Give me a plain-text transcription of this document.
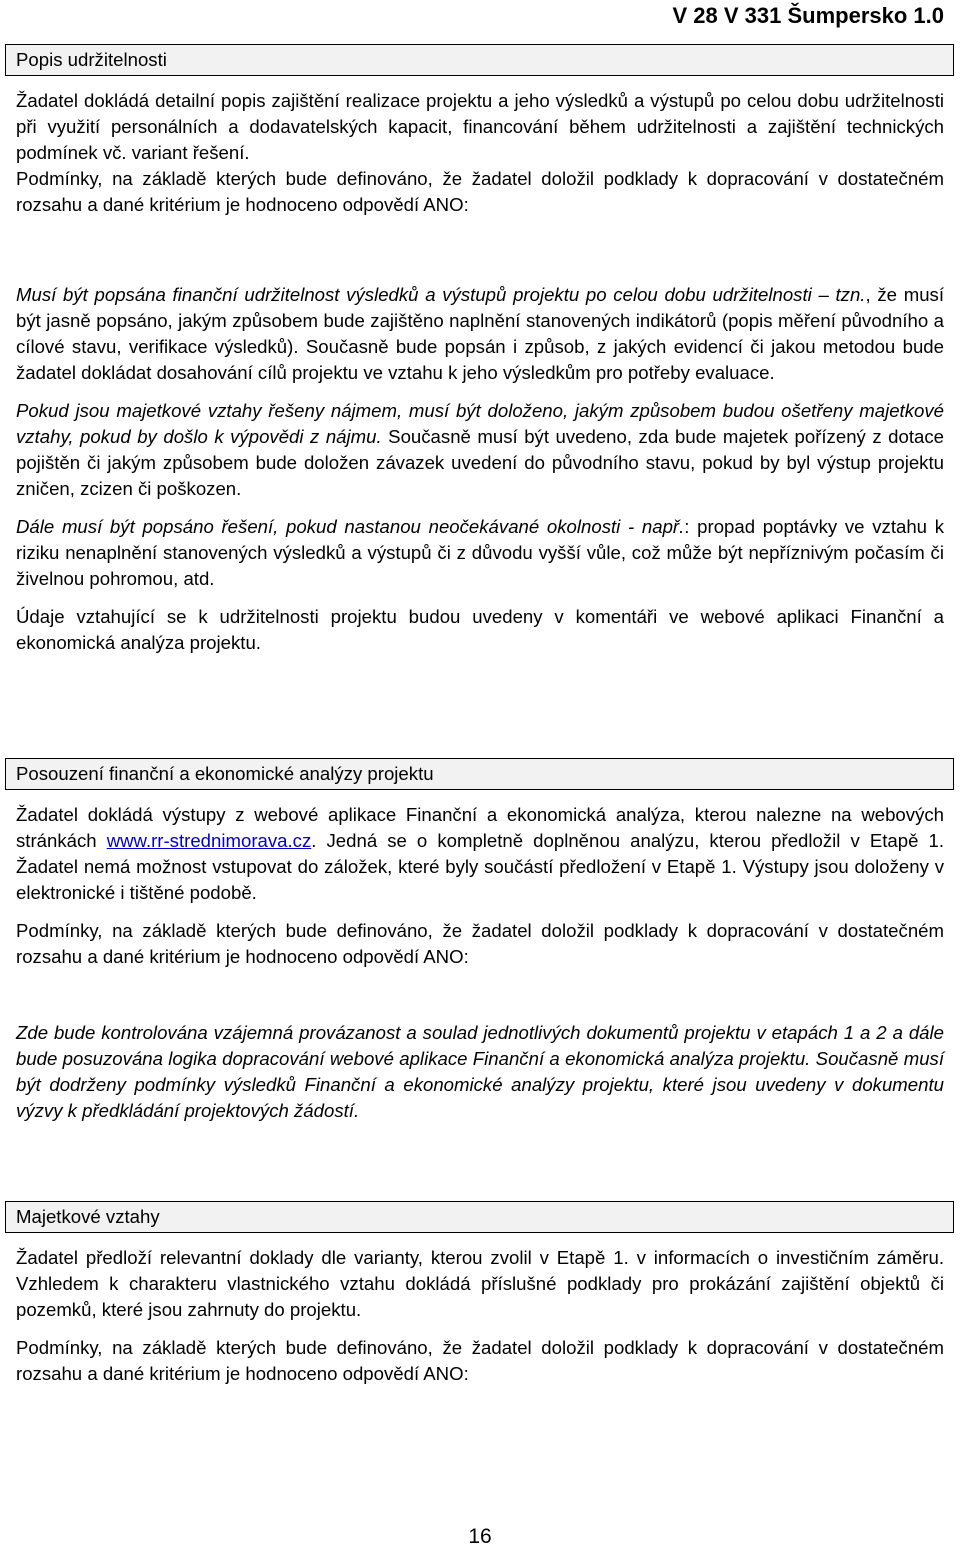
V 28 V 331 Šumpersko 1.0
Popis udržitelnosti

Žadatel dokládá detailní popis zajištění realizace projektu a jeho výsledků a výstupů po celou dobu udržitelnosti při využití personálních a dodavatelských kapacit, financování během udržitelnosti a zajištění technických podmínek vč. variant řešení.

Podmínky, na základě kterých bude definováno, že žadatel doložil podklady k dopracování v dostatečném rozsahu a dané kritérium je hodnoceno odpovědí ANO:

Musí být popsána finanční udržitelnost výsledků a výstupů projektu po celou dobu udržitelnosti – tzn., že musí být jasně popsáno, jakým způsobem bude zajištěno naplnění stanovených indikátorů (popis měření původního a cílové stavu, verifikace výsledků). Současně bude popsán i způsob, z jakých evidencí či jakou metodou bude žadatel dokládat dosahování cílů projektu ve vztahu k jeho výsledkům pro potřeby evaluace.

Pokud jsou majetkové vztahy řešeny nájmem, musí být doloženo, jakým způsobem budou ošetřeny majetkové vztahy, pokud by došlo k výpovědi z nájmu. Současně musí být uvedeno, zda bude majetek pořízený z dotace pojištěn či jakým způsobem bude doložen závazek uvedení do původního stavu, pokud by byl výstup projektu zničen, zcizen či poškozen.

Dále musí být popsáno řešení, pokud nastanou neočekávané okolnosti - např.: propad poptávky ve vztahu k riziku nenaplnění stanovených výsledků a výstupů či z důvodu vyšší vůle, což může být nepříznivým počasím či živelnou pohromou, atd.

Údaje vztahující se k udržitelnosti projektu budou uvedeny v komentáři ve webové aplikaci Finanční a ekonomická analýza projektu.

Posouzení finanční a ekonomické analýzy projektu

Žadatel dokládá výstupy z webové aplikace Finanční a ekonomická analýza, kterou nalezne na webových stránkách www.rr-strednimorava.cz. Jedná se o kompletně doplněnou analýzu, kterou předložil v Etapě 1. Žadatel nemá možnost vstupovat do záložek, které byly součástí předložení v Etapě 1. Výstupy jsou doloženy v elektronické i tištěné podobě.

Podmínky, na základě kterých bude definováno, že žadatel doložil podklady k dopracování v dostatečném rozsahu a dané kritérium je hodnoceno odpovědí ANO:

Zde bude kontrolována vzájemná provázanost a soulad jednotlivých dokumentů projektu v etapách 1 a 2 a dále bude posuzována logika dopracování webové aplikace Finanční a ekonomická analýza projektu. Současně musí být dodrženy podmínky výsledků Finanční a ekonomické analýzy projektu, které jsou uvedeny v dokumentu výzvy k předkládání projektových žádostí.

Majetkové vztahy

Žadatel předloží relevantní doklady dle varianty, kterou zvolil v Etapě 1. v informacích o investičním záměru. Vzhledem k charakteru vlastnického vztahu dokládá příslušné podklady pro prokázání zajištění objektů či pozemků, které jsou zahrnuty do projektu.

Podmínky, na základě kterých bude definováno, že žadatel doložil podklady k dopracování v dostatečném rozsahu a dané kritérium je hodnoceno odpovědí ANO:

16
